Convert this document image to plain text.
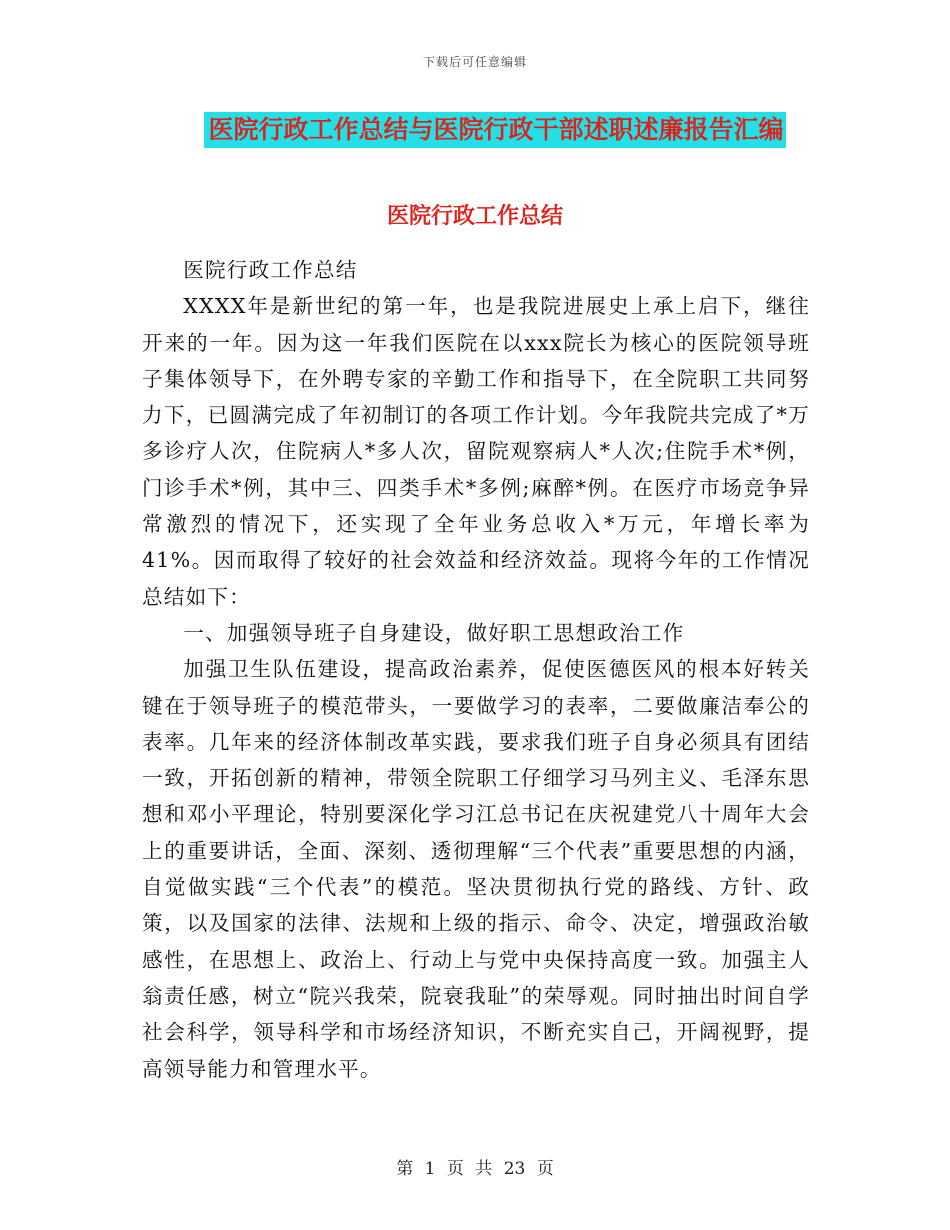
下载后可任意编辑
医院行政工作总结与医院行政干部述职述廉报告汇编
医院行政工作总结

医院行政工作总结

XXXX年是新世纪的第一年，也是我院进展史上承上启下，继往开来的一年。因为这一年我们医院在以xxx院长为核心的医院领导班子集体领导下，在外聘专家的辛勤工作和指导下，在全院职工共同努力下，已圆满完成了年初制订的各项工作计划。今年我院共完成了*万多诊疗人次，住院病人*多人次，留院观察病人*人次;住院手术*例，门诊手术*例，其中三、四类手术*多例;麻醉*例。在医疗市场竞争异常激烈的情况下，还实现了全年业务总收入*万元，年增长率为41%。因而取得了较好的社会效益和经济效益。现将今年的工作情况总结如下：

一、加强领导班子自身建设，做好职工思想政治工作

加强卫生队伍建设，提高政治素养，促使医德医风的根本好转关键在于领导班子的模范带头，一要做学习的表率，二要做廉洁奉公的表率。几年来的经济体制改革实践，要求我们班子自身必须具有团结一致，开拓创新的精神，带领全院职工仔细学习马列主义、毛泽东思想和邓小平理论，特别要深化学习江总书记在庆祝建党八十周年大会上的重要讲话，全面、深刻、透彻理解“三个代表”重要思想的内涵，自觉做实践“三个代表”的模范。坚决贯彻执行党的路线、方针、政策，以及国家的法律、法规和上级的指示、命令、决定，增强政治敏感性，在思想上、政治上、行动上与党中央保持高度一致。加强主人翁责任感，树立“院兴我荣，院衰我耻”的荣辱观。同时抽出时间自学社会科学，领导科学和市场经济知识，不断充实自己，开阔视野，提高领导能力和管理水平。

第 1 页 共 23 页
